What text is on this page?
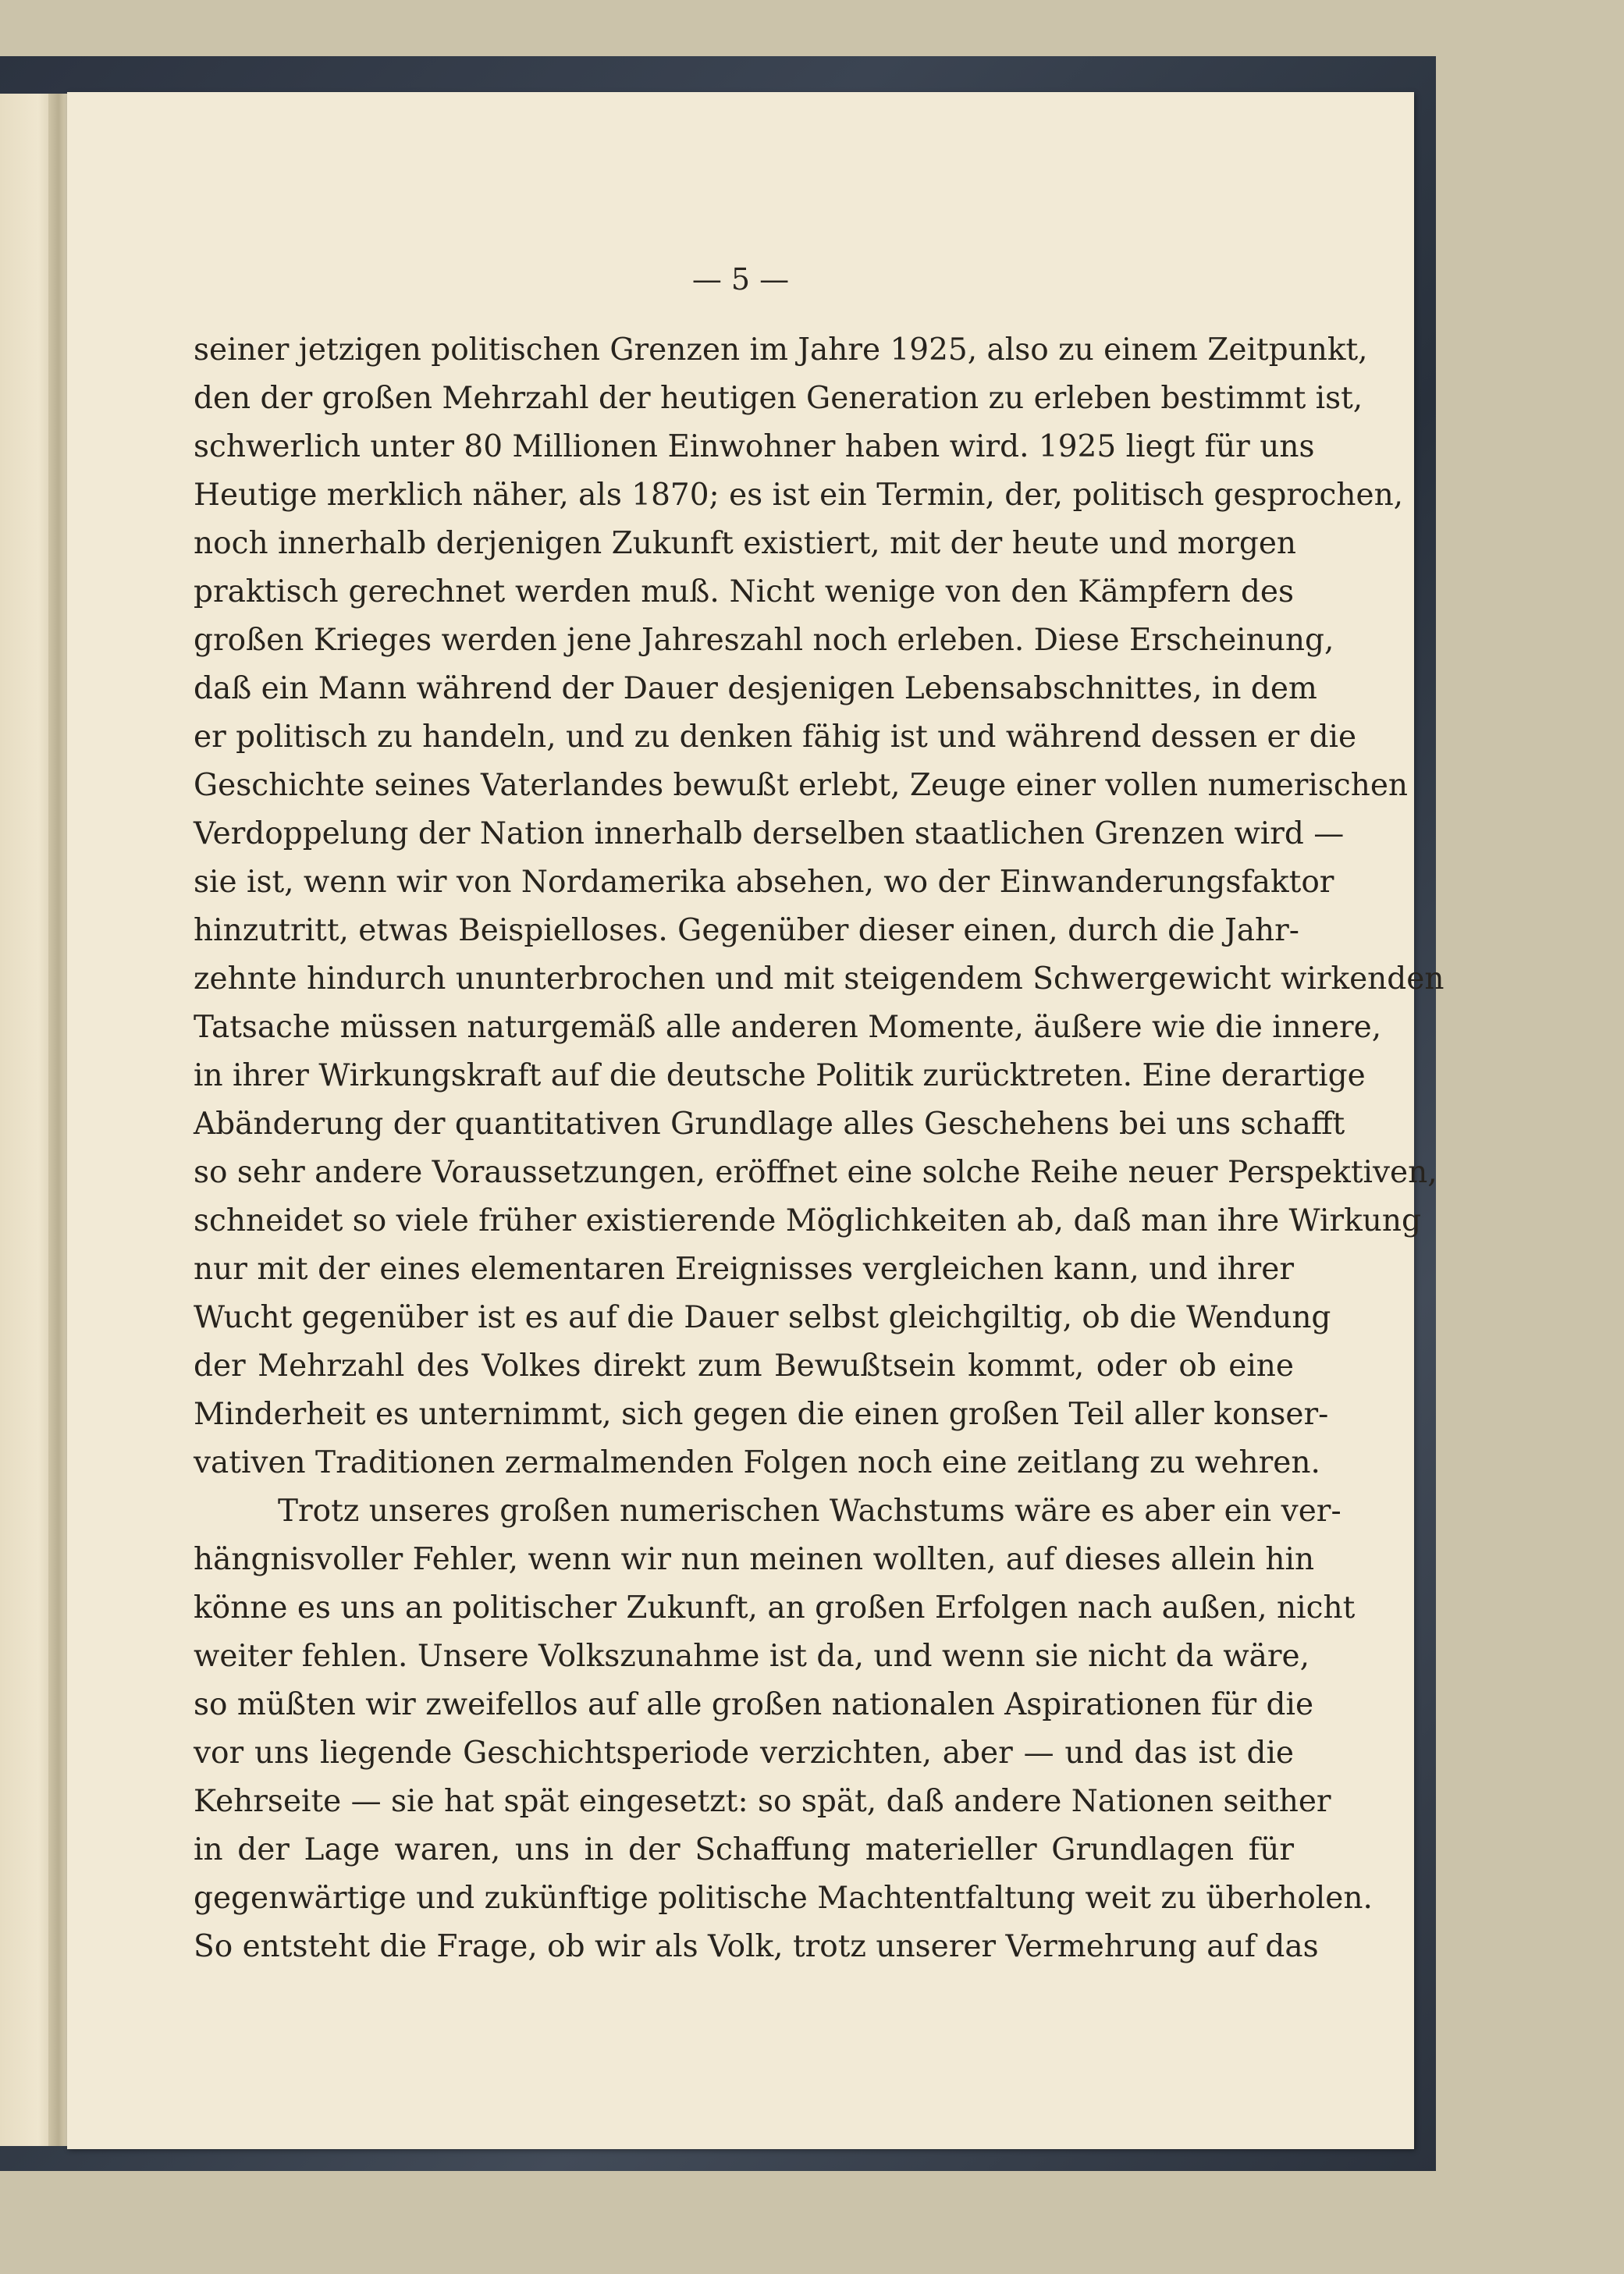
— 5 —
seiner jetzigen politischen Grenzen im Jahre 1925, also zu einem Zeitpunkt,
den der großen Mehrzahl der heutigen Generation zu erleben bestimmt ist,
schwerlich unter 80 Millionen Einwohner haben wird. 1925 liegt für uns
Heutige merklich näher, als 1870; es ist ein Termin, der, politisch gesprochen,
noch innerhalb derjenigen Zukunft existiert, mit der heute und morgen
praktisch gerechnet werden muß. Nicht wenige von den Kämpfern des
großen Krieges werden jene Jahreszahl noch erleben. Diese Erscheinung,
daß ein Mann während der Dauer desjenigen Lebensabschnittes, in dem
er politisch zu handeln, und zu denken fähig ist und während dessen er die
Geschichte seines Vaterlandes bewußt erlebt, Zeuge einer vollen numerischen
Verdoppelung der Nation innerhalb derselben staatlichen Grenzen wird —
sie ist, wenn wir von Nordamerika absehen, wo der Einwanderungsfaktor
hinzutritt, etwas Beispielloses. Gegenüber dieser einen, durch die Jahr-
zehnte hindurch ununterbrochen und mit steigendem Schwergewicht wirkenden
Tatsache müssen naturgemäß alle anderen Momente, äußere wie die innere,
in ihrer Wirkungskraft auf die deutsche Politik zurücktreten. Eine derartige
Abänderung der quantitativen Grundlage alles Geschehens bei uns schafft
so sehr andere Voraussetzungen, eröffnet eine solche Reihe neuer Perspektiven,
schneidet so viele früher existierende Möglichkeiten ab, daß man ihre Wirkung
nur mit der eines elementaren Ereignisses vergleichen kann, und ihrer
Wucht gegenüber ist es auf die Dauer selbst gleichgiltig, ob die Wendung
der Mehrzahl des Volkes direkt zum Bewußtsein kommt, oder ob eine
Minderheit es unternimmt, sich gegen die einen großen Teil aller konser-
vativen Traditionen zermalmenden Folgen noch eine zeitlang zu wehren.
Trotz unseres großen numerischen Wachstums wäre es aber ein ver-
hängnisvoller Fehler, wenn wir nun meinen wollten, auf dieses allein hin
könne es uns an politischer Zukunft, an großen Erfolgen nach außen, nicht
weiter fehlen. Unsere Volkszunahme ist da, und wenn sie nicht da wäre,
so müßten wir zweifellos auf alle großen nationalen Aspirationen für die
vor uns liegende Geschichtsperiode verzichten, aber — und das ist die
Kehrseite — sie hat spät eingesetzt: so spät, daß andere Nationen seither
in der Lage waren, uns in der Schaffung materieller Grundlagen für
gegenwärtige und zukünftige politische Machtentfaltung weit zu überholen.
So entsteht die Frage, ob wir als Volk, trotz unserer Vermehrung auf das
